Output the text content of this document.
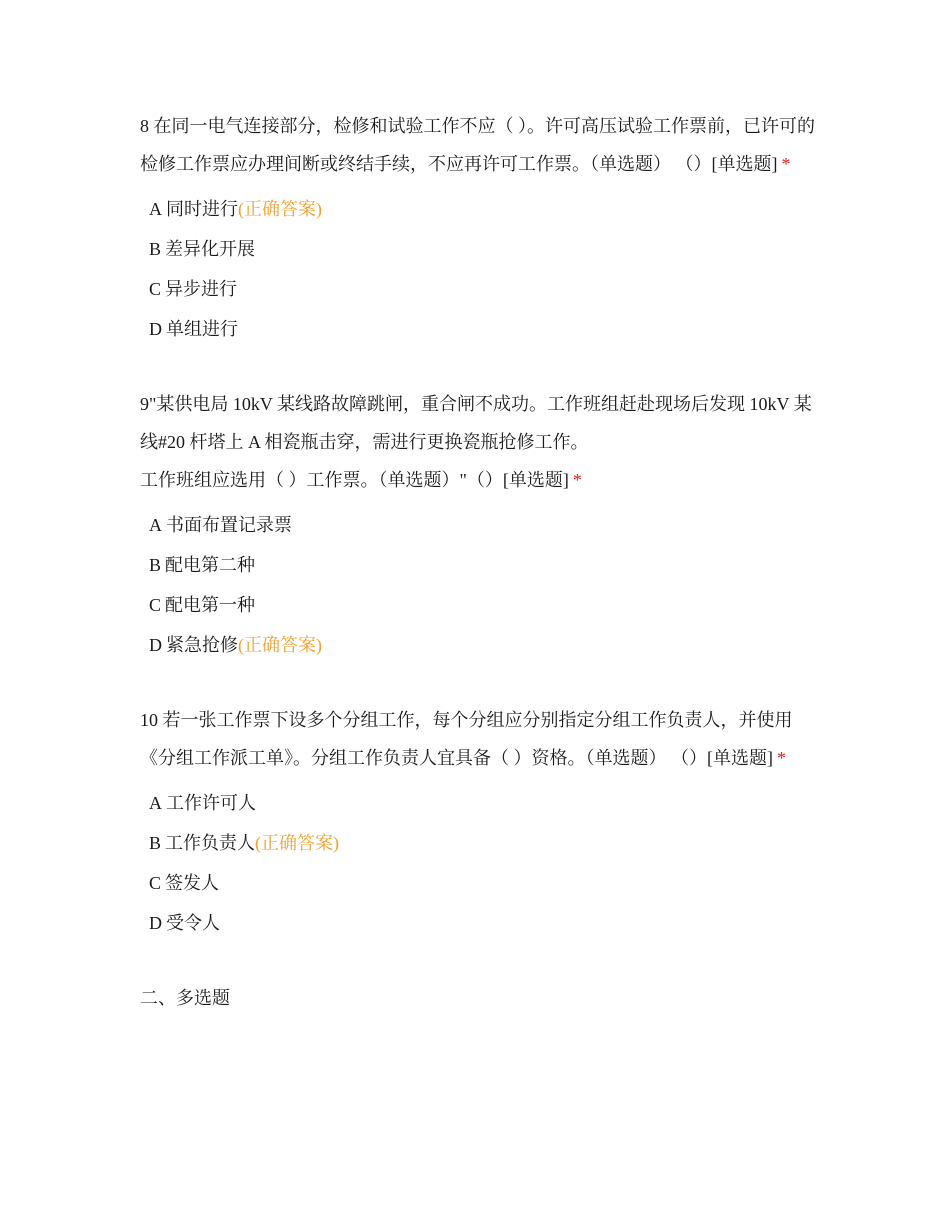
8 在同一电气连接部分，检修和试验工作不应（ ）。许可高压试验工作票前，已许可的检修工作票应办理间断或终结手续，不应再许可工作票。（单选题） （）[单选题] *
A 同时进行(正确答案)
B 差异化开展
C 异步进行
D 单组进行
9"某供电局 10kV 某线路故障跳闸，重合闸不成功。工作班组赶赴现场后发现 10kV 某线#20 杆塔上 A 相瓷瓶击穿，需进行更换瓷瓶抢修工作。
工作班组应选用（ ）工作票。（单选题）"（）[单选题] *
A 书面布置记录票
B 配电第二种
C 配电第一种
D 紧急抢修(正确答案)
10 若一张工作票下设多个分组工作，每个分组应分别指定分组工作负责人，并使用《分组工作派工单》。分组工作负责人宜具备（ ）资格。（单选题） （）[单选题] *
A 工作许可人
B 工作负责人(正确答案)
C 签发人
D 受令人
二、多选题
